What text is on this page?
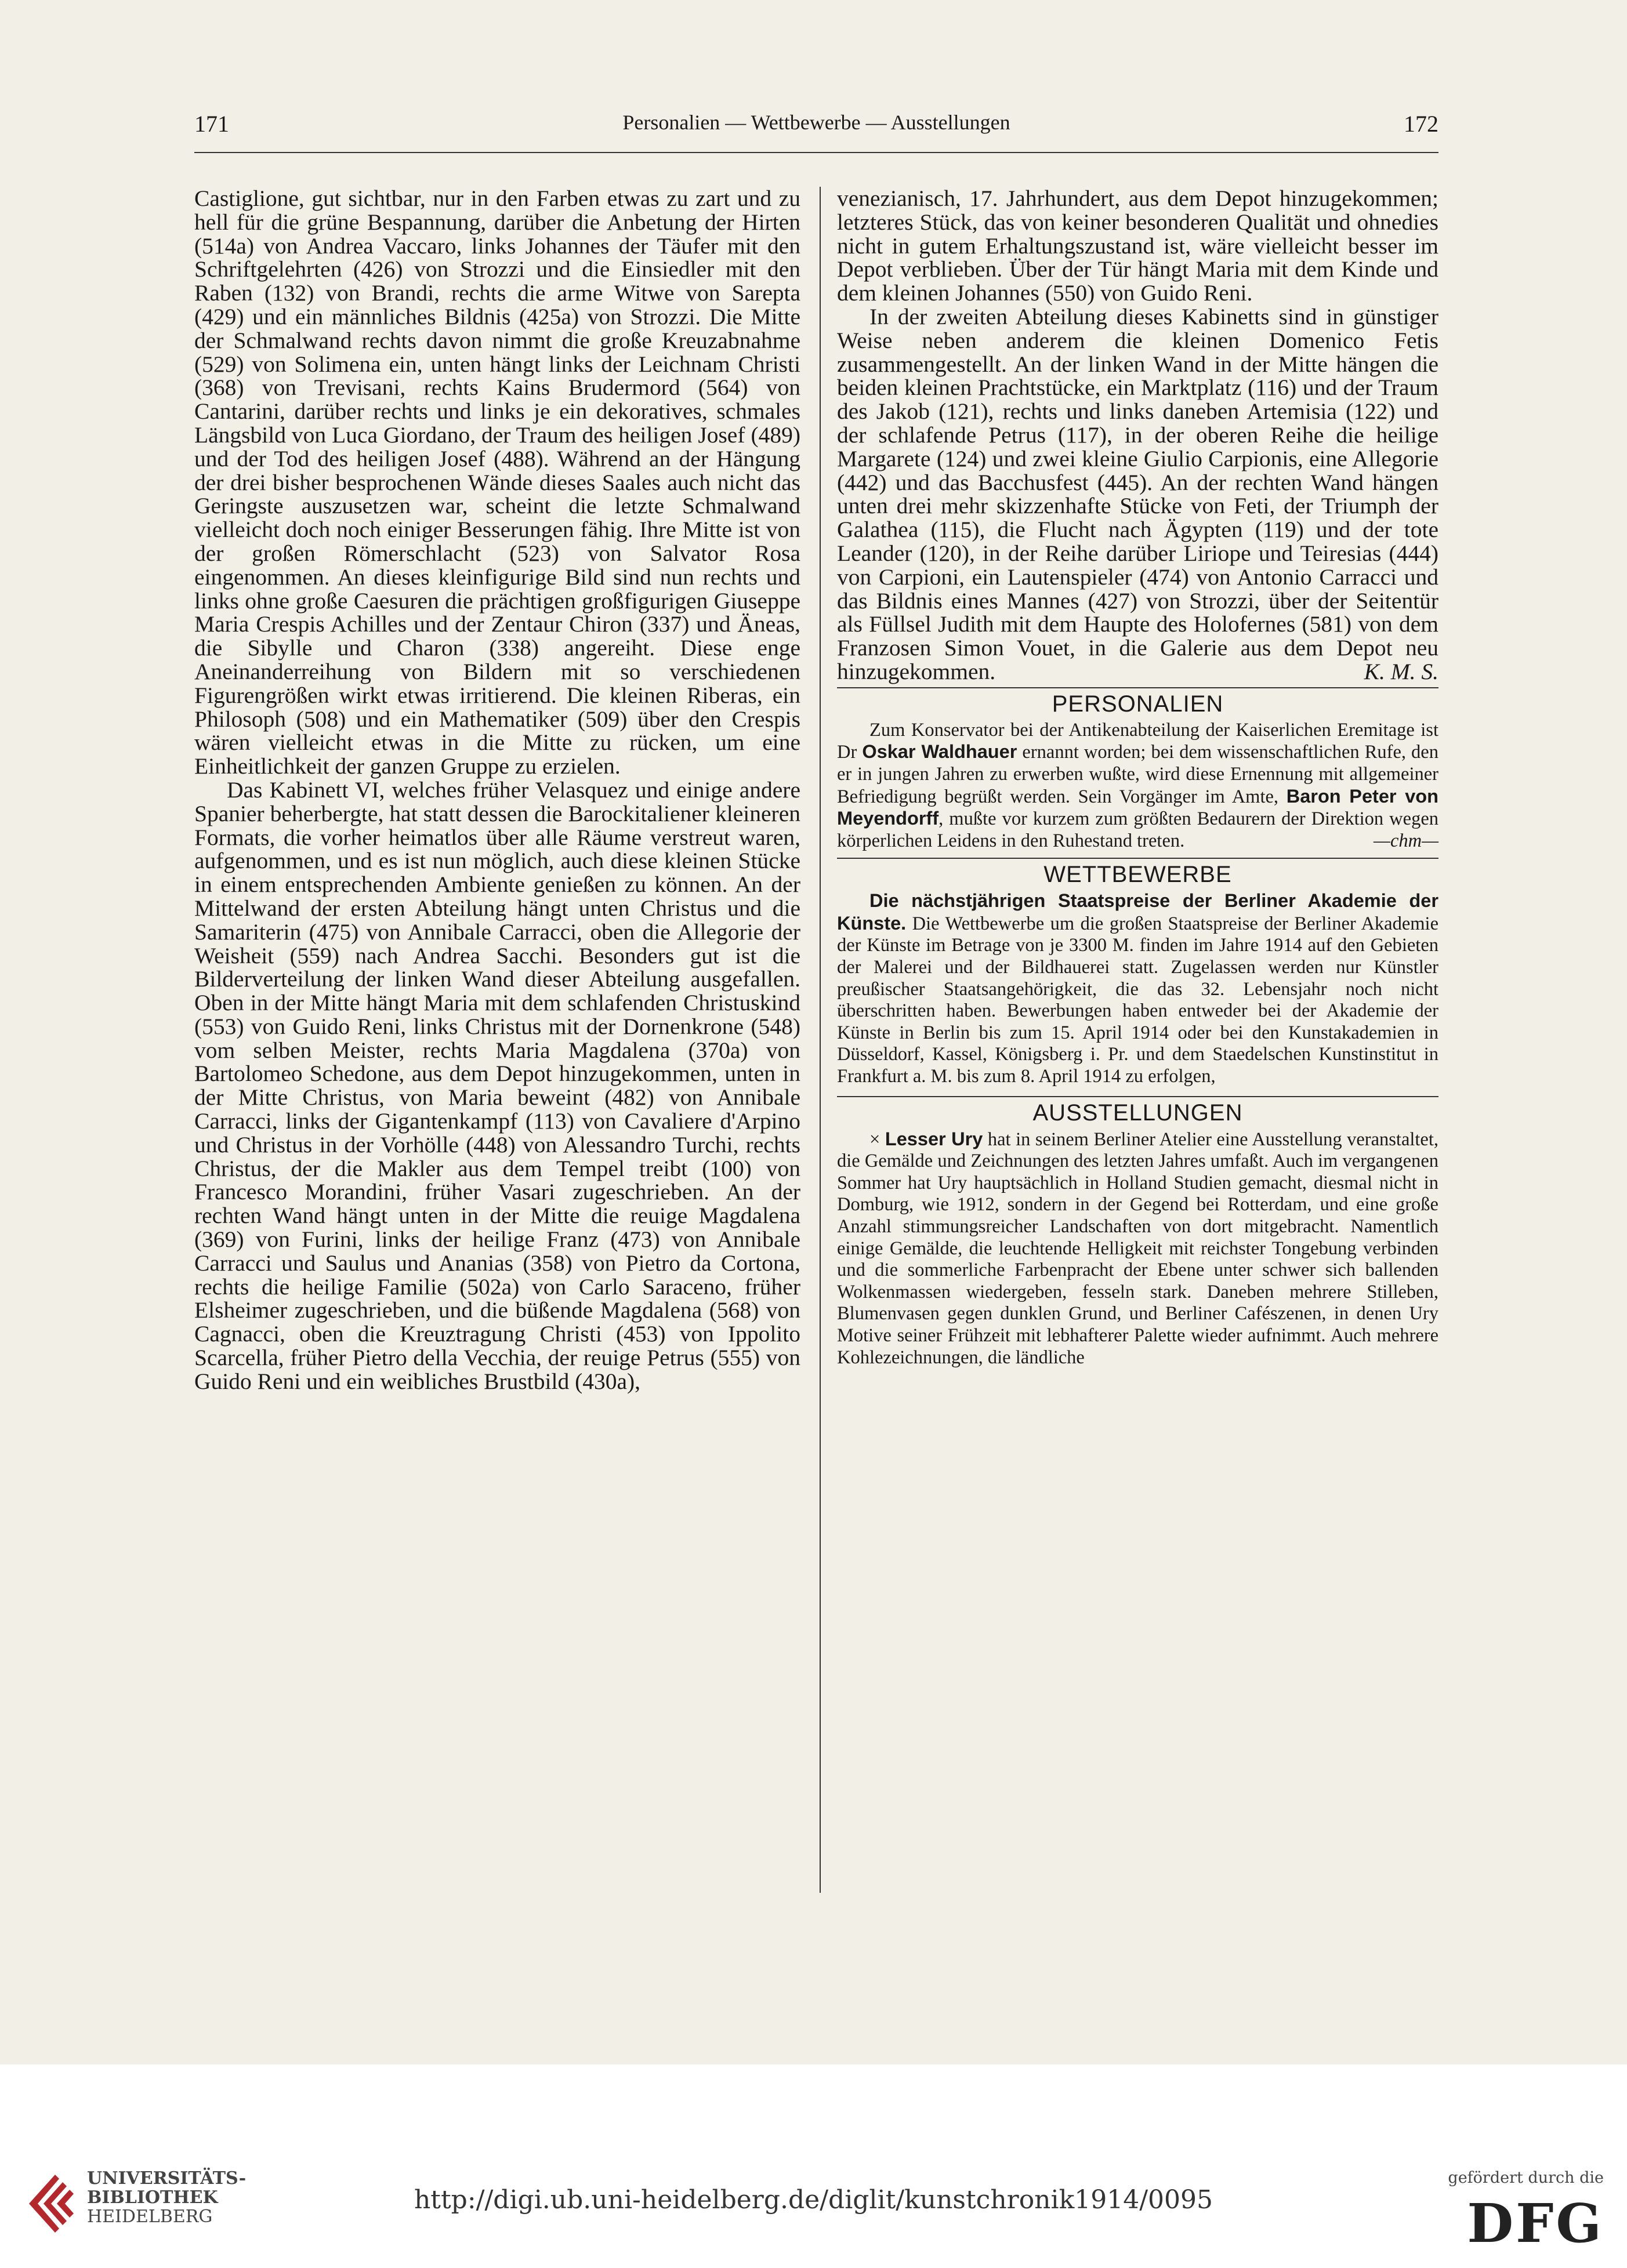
171	Personalien — Wettbewerbe — Ausstellungen	172

Castiglione, gut sichtbar, nur in den Farben etwas zu zart und zu hell für die grüne Bespannung, darüber die Anbetung der Hirten (514a) von Andrea Vaccaro, links Johannes der Täufer mit den Schriftgelehrten (426) von Strozzi und die Einsiedler mit den Raben (132) von Brandi, rechts die arme Witwe von Sarepta (429) und ein männliches Bildnis (425a) von Strozzi. Die Mitte der Schmalwand rechts davon nimmt die große Kreuzabnahme (529) von Solimena ein, unten hängt links der Leichnam Christi (368) von Trevisani, rechts Kains Brudermord (564) von Cantarini, darüber rechts und links je ein dekoratives, schmales Längsbild von Luca Giordano, der Traum des heiligen Josef (489) und der Tod des heiligen Josef (488). Während an der Hängung der drei bisher besprochenen Wände dieses Saales auch nicht das Geringste auszusetzen war, scheint die letzte Schmalwand vielleicht doch noch einiger Besserungen fähig. Ihre Mitte ist von der großen Römerschlacht (523) von Salvator Rosa eingenommen. An dieses kleinfigurige Bild sind nun rechts und links ohne große Caesuren die prächtigen großfigurigen Giuseppe Maria Crespis Achilles und der Zentaur Chiron (337) und Äneas, die Sibylle und Charon (338) angereiht. Diese enge Aneinanderreihung von Bildern mit so verschiedenen Figurengrößen wirkt etwas irritierend. Die kleinen Riberas, ein Philosoph (508) und ein Mathematiker (509) über den Crespis wären vielleicht etwas in die Mitte zu rücken, um eine Einheitlichkeit der ganzen Gruppe zu erzielen.

Das Kabinett VI, welches früher Velasquez und einige andere Spanier beherbergte, hat statt dessen die Barockitaliener kleineren Formats, die vorher heimatlos über alle Räume verstreut waren, aufgenommen, und es ist nun möglich, auch diese kleinen Stücke in einem entsprechenden Ambiente genießen zu können. An der Mittelwand der ersten Abteilung hängt unten Christus und die Samariterin (475) von Annibale Carracci, oben die Allegorie der Weisheit (559) nach Andrea Sacchi. Besonders gut ist die Bilderverteilung der linken Wand dieser Abteilung ausgefallen. Oben in der Mitte hängt Maria mit dem schlafenden Christuskind (553) von Guido Reni, links Christus mit der Dornenkrone (548) vom selben Meister, rechts Maria Magdalena (370a) von Bartolomeo Schedone, aus dem Depot hinzugekommen, unten in der Mitte Christus, von Maria beweint (482) von Annibale Carracci, links der Gigantenkampf (113) von Cavaliere d'Arpino und Christus in der Vorhölle (448) von Alessandro Turchi, rechts Christus, der die Makler aus dem Tempel treibt (100) von Francesco Morandini, früher Vasari zugeschrieben. An der rechten Wand hängt unten in der Mitte die reuige Magdalena (369) von Furini, links der heilige Franz (473) von Annibale Carracci und Saulus und Ananias (358) von Pietro da Cortona, rechts die heilige Familie (502a) von Carlo Saraceno, früher Elsheimer zugeschrieben, und die büßende Magdalena (568) von Cagnacci, oben die Kreuztragung Christi (453) von Ippolito Scarcella, früher Pietro della Vecchia, der reuige Petrus (555) von Guido Reni und ein weibliches Brustbild (430a),

venezianisch, 17. Jahrhundert, aus dem Depot hinzugekommen; letzteres Stück, das von keiner besonderen Qualität und ohnedies nicht in gutem Erhaltungszustand ist, wäre vielleicht besser im Depot verblieben. Über der Tür hängt Maria mit dem Kinde und dem kleinen Johannes (550) von Guido Reni.

In der zweiten Abteilung dieses Kabinetts sind in günstiger Weise neben anderem die kleinen Domenico Fetis zusammengestellt. An der linken Wand in der Mitte hängen die beiden kleinen Prachtstücke, ein Marktplatz (116) und der Traum des Jakob (121), rechts und links daneben Artemisia (122) und der schlafende Petrus (117), in der oberen Reihe die heilige Margarete (124) und zwei kleine Giulio Carpionis, eine Allegorie (442) und das Bacchusfest (445). An der rechten Wand hängen unten drei mehr skizzenhafte Stücke von Feti, der Triumph der Galathea (115), die Flucht nach Ägypten (119) und der tote Leander (120), in der Reihe darüber Liriope und Teiresias (444) von Carpioni, ein Lautenspieler (474) von Antonio Carracci und das Bildnis eines Mannes (427) von Strozzi, über der Seitentür als Füllsel Judith mit dem Haupte des Holofernes (581) von dem Franzosen Simon Vouet, in die Galerie aus dem Depot neu hinzugekommen.	K. M. S.

PERSONALIEN

Zum Konservator bei der Antikenabteilung der Kaiserlichen Eremitage ist Dr Oskar Waldhauer ernannt worden; bei dem wissenschaftlichen Rufe, den er in jungen Jahren zu erwerben wußte, wird diese Ernennung mit allgemeiner Befriedigung begrüßt werden. Sein Vorgänger im Amte, Baron Peter von Meyendorff, mußte vor kurzem zum größten Bedaurern der Direktion wegen körperlichen Leidens in den Ruhestand treten.	—chm—

WETTBEWERBE

Die nächstjährigen Staatspreise der Berliner Akademie der Künste. Die Wettbewerbe um die großen Staatspreise der Berliner Akademie der Künste im Betrage von je 3300 M. finden im Jahre 1914 auf den Gebieten der Malerei und der Bildhauerei statt. Zugelassen werden nur Künstler preußischer Staatsangehörigkeit, die das 32. Lebensjahr noch nicht überschritten haben. Bewerbungen haben entweder bei der Akademie der Künste in Berlin bis zum 15. April 1914 oder bei den Kunstakademien in Düsseldorf, Kassel, Königsberg i. Pr. und dem Staedelschen Kunstinstitut in Frankfurt a. M. bis zum 8. April 1914 zu erfolgen,

AUSSTELLUNGEN

× Lesser Ury hat in seinem Berliner Atelier eine Ausstellung veranstaltet, die Gemälde und Zeichnungen des letzten Jahres umfaßt. Auch im vergangenen Sommer hat Ury hauptsächlich in Holland Studien gemacht, diesmal nicht in Domburg, wie 1912, sondern in der Gegend bei Rotterdam, und eine große Anzahl stimmungsreicher Landschaften von dort mitgebracht. Namentlich einige Gemälde, die leuchtende Helligkeit mit reichster Tongebung verbinden und die sommerliche Farbenpracht der Ebene unter schwer sich ballenden Wolkenmassen wiedergeben, fesseln stark. Daneben mehrere Stilleben, Blumenvasen gegen dunklen Grund, und Berliner Cafészenen, in denen Ury Motive seiner Frühzeit mit lebhafterer Palette wieder aufnimmt. Auch mehrere Kohlezeichnungen, die ländliche

UNIVERSITÄTS-
BIBLIOTHEK
HEIDELBERG
http://digi.ub.uni-heidelberg.de/diglit/kunstchronik1914/0095
gefördert durch die
DFG
